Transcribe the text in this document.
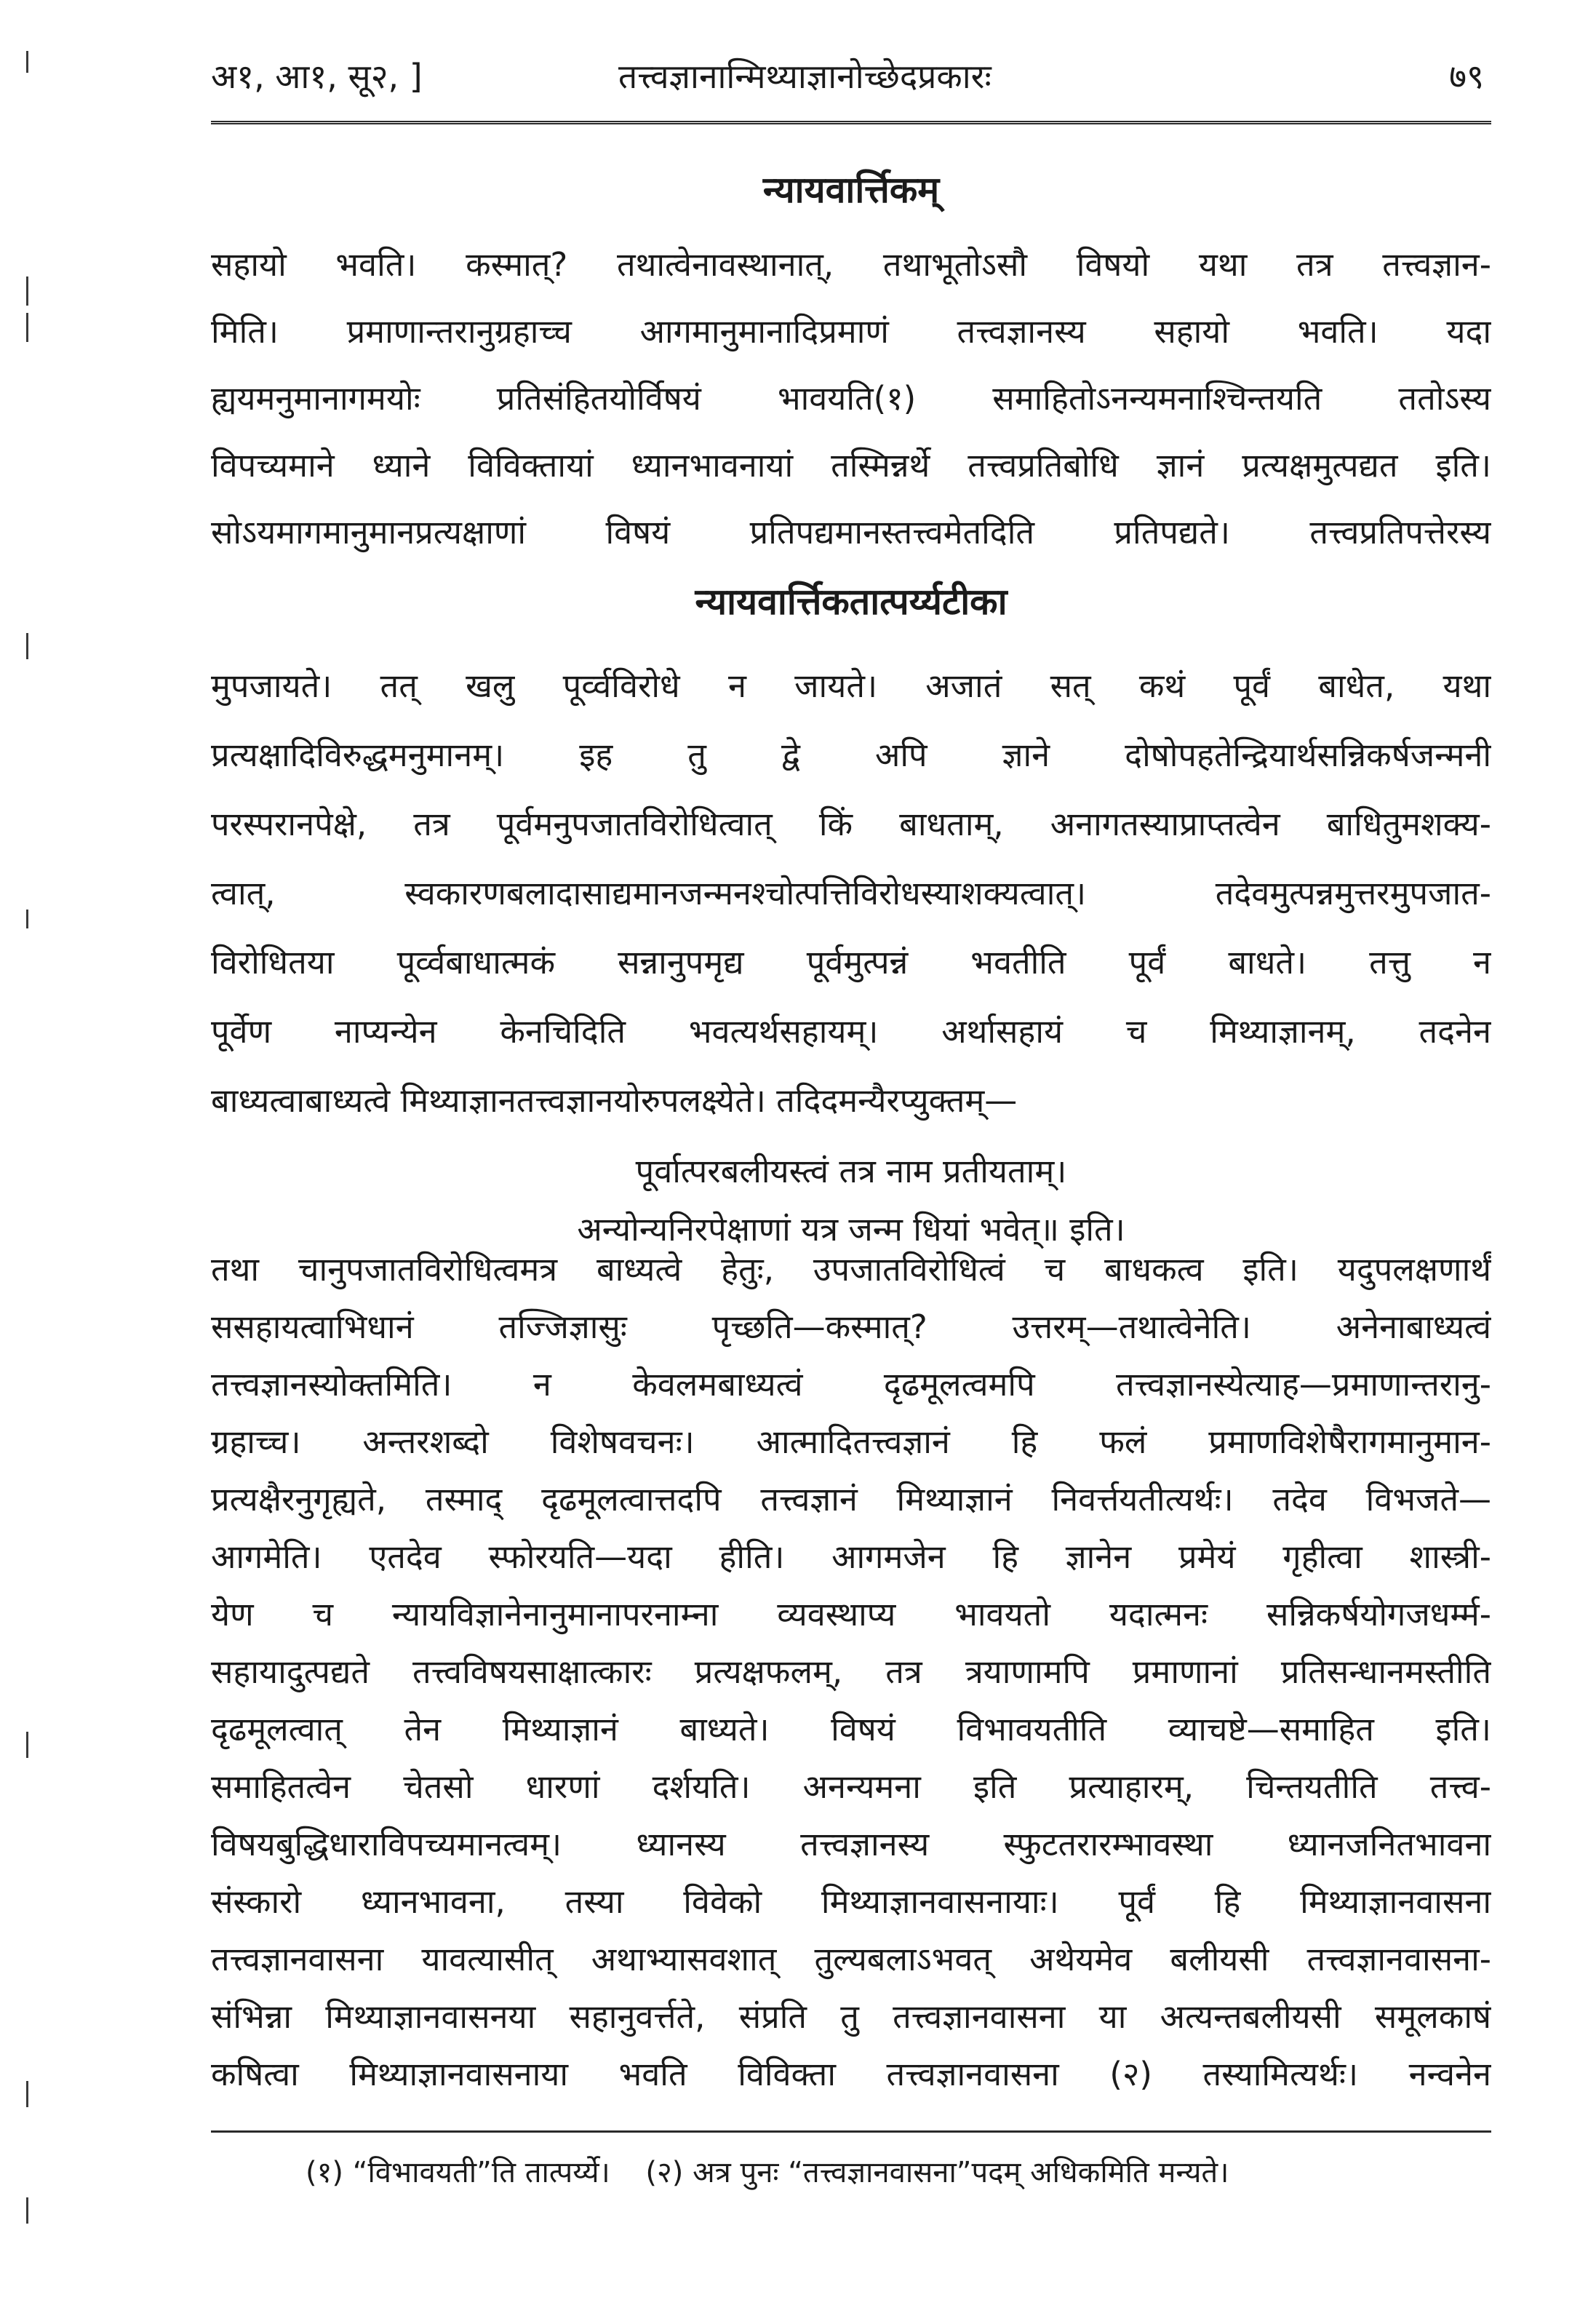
अ१, आ१, सू२, ]	तत्त्वज्ञानान्मिथ्याज्ञानोच्छेदप्रकारः	७९
न्यायवार्त्तिकम्
सहायो भवति। कस्मात्? तथात्वेनावस्थानात्, तथाभूतोऽसौ विषयो यथा तत्र तत्त्वज्ञान-
मिति। प्रमाणान्तरानुग्रहाच्च आगमानुमानादिप्रमाणं तत्त्वज्ञानस्य सहायो भवति। यदा
ह्ययमनुमानागमयोः प्रतिसंहितयोर्विषयं भावयति(१) समाहितोऽनन्यमनाश्चिन्तयति ततोऽस्य
विपच्यमाने ध्याने विविक्तायां ध्यानभावनायां तस्मिन्नर्थे तत्त्वप्रतिबोधि ज्ञानं प्रत्यक्षमुत्पद्यत इति।
सोऽयमागमानुमानप्रत्यक्षाणां विषयं प्रतिपद्यमानस्तत्त्वमेतदिति प्रतिपद्यते। तत्त्वप्रतिपत्तेरस्य
न्यायवार्त्तिकतात्पर्य्यटीका
मुपजायते। तत् खलु पूर्व्वविरोधे न जायते। अजातं सत् कथं पूर्वं बाधेत, यथा
प्रत्यक्षादिविरुद्धमनुमानम्। इह तु द्वे अपि ज्ञाने दोषोपहतेन्द्रियार्थसन्निकर्षजन्मनी
परस्परानपेक्षे, तत्र पूर्वमनुपजातविरोधित्वात् किं बाधताम्, अनागतस्याप्राप्तत्वेन बाधितुमशक्य-
त्वात्, स्वकारणबलादासाद्यमानजन्मनश्चोत्पत्तिविरोधस्याशक्यत्वात्। तदेवमुत्पन्नमुत्तरमुपजात-
विरोधितया पूर्व्वबाधात्मकं सन्नानुपमृद्य पूर्वमुत्पन्नं भवतीति पूर्वं बाधते। तत्तु न
पूर्वेण नाप्यन्येन केनचिदिति भवत्यर्थसहायम्। अर्थासहायं च मिथ्याज्ञानम्, तदनेन
बाध्यत्वाबाध्यत्वे मिथ्याज्ञानतत्त्वज्ञानयोरुपलक्ष्येते। तदिदमन्यैरप्युक्तम्—
पूर्वात्परबलीयस्त्वं तत्र नाम प्रतीयताम्।
अन्योन्यनिरपेक्षाणां यत्र जन्म धियां भवेत्॥ इति।
तथा चानुपजातविरोधित्वमत्र बाध्यत्वे हेतुः, उपजातविरोधित्वं च बाधकत्व इति। यदुपलक्षणार्थं
ससहायत्वाभिधानं तज्जिज्ञासुः पृच्छति—कस्मात्? उत्तरम्—तथात्वेनेति। अनेनाबाध्यत्वं
तत्त्वज्ञानस्योक्तमिति। न केवलमबाध्यत्वं दृढमूलत्वमपि तत्त्वज्ञानस्येत्याह—प्रमाणान्तरानु-
ग्रहाच्च। अन्तरशब्दो विशेषवचनः। आत्मादितत्त्वज्ञानं हि फलं प्रमाणविशेषैरागमानुमान-
प्रत्यक्षैरनुगृह्यते, तस्माद् दृढमूलत्वात्तदपि तत्त्वज्ञानं मिथ्याज्ञानं निवर्त्तयतीत्यर्थः। तदेव विभजते—
आगमेति। एतदेव स्फोरयति—यदा हीति। आगमजेन हि ज्ञानेन प्रमेयं गृहीत्वा शास्त्री-
येण च न्यायविज्ञानेनानुमानापरनाम्ना व्यवस्थाप्य भावयतो यदात्मनः सन्निकर्षयोगजधर्म्म-
सहायादुत्पद्यते तत्त्वविषयसाक्षात्कारः प्रत्यक्षफलम्, तत्र त्रयाणामपि प्रमाणानां प्रतिसन्धानमस्तीति
दृढमूलत्वात् तेन मिथ्याज्ञानं बाध्यते। विषयं विभावयतीति व्याचष्टे—समाहित इति।
समाहितत्वेन चेतसो धारणां दर्शयति। अनन्यमना इति प्रत्याहारम्, चिन्तयतीति तत्त्व-
विषयबुद्धिधाराविपच्यमानत्वम्। ध्यानस्य तत्त्वज्ञानस्य स्फुटतरारम्भावस्था ध्यानजनितभावना
संस्कारो ध्यानभावना, तस्या विवेको मिथ्याज्ञानवासनायाः। पूर्वं हि मिथ्याज्ञानवासना
तत्त्वज्ञानवासना यावत्यासीत् अथाभ्यासवशात् तुल्यबलाऽभवत् अथेयमेव बलीयसी तत्त्वज्ञानवासना-
संभिन्ना मिथ्याज्ञानवासनया सहानुवर्त्तते, संप्रति तु तत्त्वज्ञानवासना या अत्यन्तबलीयसी समूलकाषं
कषित्वा मिथ्याज्ञानवासनाया भवति विविक्ता तत्त्वज्ञानवासना (२) तस्यामित्यर्थः। नन्वनेन
(१) “विभावयती”ति तात्पर्य्ये। (२) अत्र पुनः “तत्त्वज्ञानवासना”पदम् अधिकमिति मन्यते।
